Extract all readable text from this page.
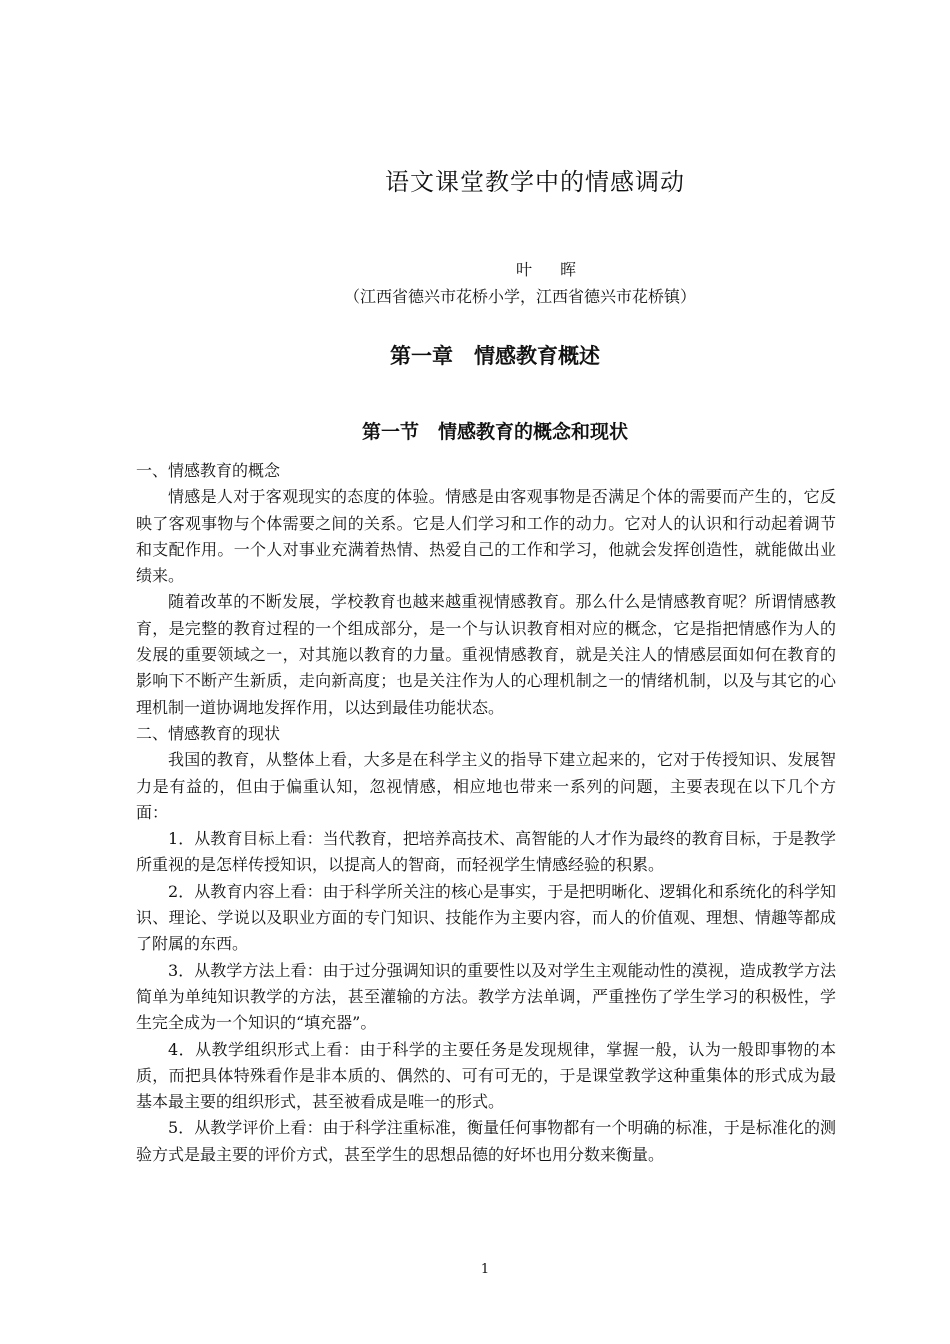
语文课堂教学中的情感调动
叶　晖
（江西省德兴市花桥小学，江西省德兴市花桥镇）
第一章　情感教育概述
第一节　情感教育的概念和现状

一、情感教育的概念

情感是人对于客观现实的态度的体验。情感是由客观事物是否满足个体的需要而产生的，它反映了客观事物与个体需要之间的关系。它是人们学习和工作的动力。它对人的认识和行动起着调节和支配作用。一个人对事业充满着热情、热爱自己的工作和学习，他就会发挥创造性，就能做出业绩来。

随着改革的不断发展，学校教育也越来越重视情感教育。那么什么是情感教育呢？所谓情感教育，是完整的教育过程的一个组成部分，是一个与认识教育相对应的概念，它是指把情感作为人的发展的重要领域之一，对其施以教育的力量。重视情感教育，就是关注人的情感层面如何在教育的影响下不断产生新质，走向新高度；也是关注作为人的心理机制之一的情绪机制，以及与其它的心理机制一道协调地发挥作用，以达到最佳功能状态。

二、情感教育的现状

我国的教育，从整体上看，大多是在科学主义的指导下建立起来的，它对于传授知识、发展智力是有益的，但由于偏重认知，忽视情感，相应地也带来一系列的问题，主要表现在以下几个方面：

1．从教育目标上看：当代教育，把培养高技术、高智能的人才作为最终的教育目标，于是教学所重视的是怎样传授知识，以提高人的智商，而轻视学生情感经验的积累。

2．从教育内容上看：由于科学所关注的核心是事实，于是把明晰化、逻辑化和系统化的科学知识、理论、学说以及职业方面的专门知识、技能作为主要内容，而人的价值观、理想、情趣等都成了附属的东西。

3．从教学方法上看：由于过分强调知识的重要性以及对学生主观能动性的漠视，造成教学方法简单为单纯知识教学的方法，甚至灌输的方法。教学方法单调，严重挫伤了学生学习的积极性，学生完全成为一个知识的“填充器”。

4．从教学组织形式上看：由于科学的主要任务是发现规律，掌握一般，认为一般即事物的本质，而把具体特殊看作是非本质的、偶然的、可有可无的，于是课堂教学这种重集体的形式成为最基本最主要的组织形式，甚至被看成是唯一的形式。

5．从教学评价上看：由于科学注重标准，衡量任何事物都有一个明确的标准，于是标准化的测验方式是最主要的评价方式，甚至学生的思想品德的好坏也用分数来衡量。

1
